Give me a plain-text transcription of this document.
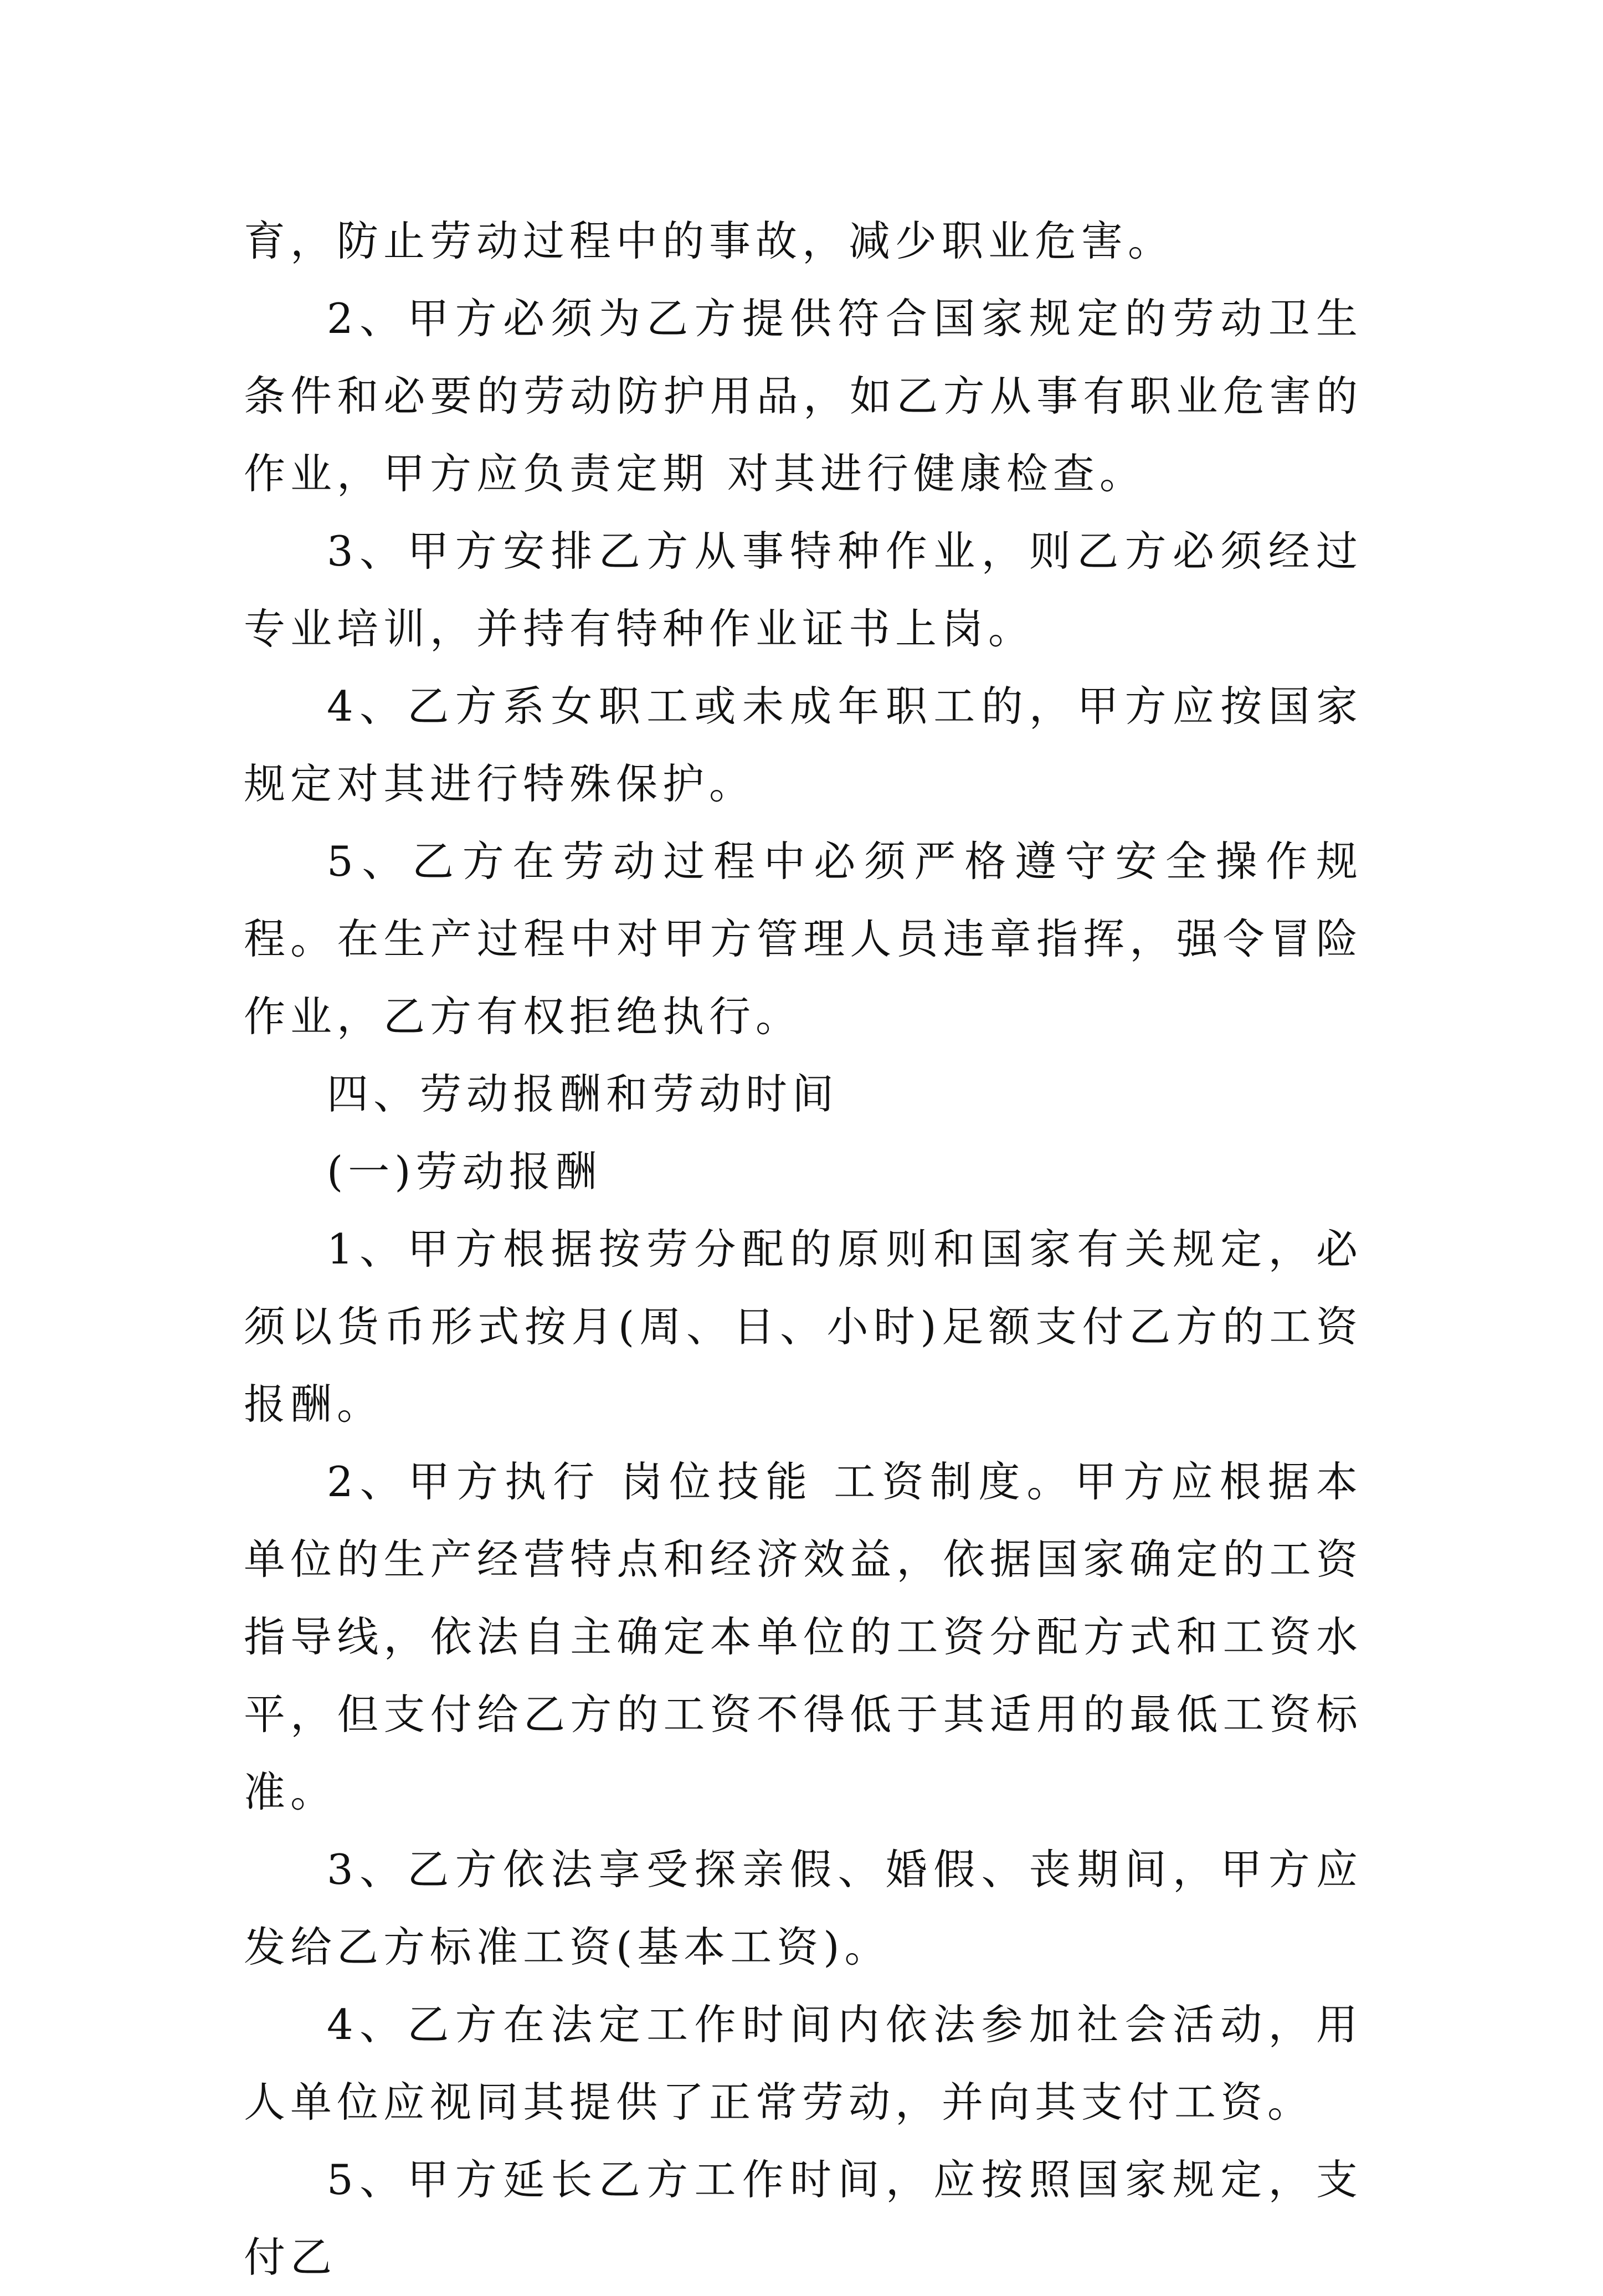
育，防止劳动过程中的事故，减少职业危害。

2、甲方必须为乙方提供符合国家规定的劳动卫生条件和必要的劳动防护用品，如乙方从事有职业危害的作业，甲方应负责定期 对其进行健康检查。

3、甲方安排乙方从事特种作业，则乙方必须经过专业培训，并持有特种作业证书上岗。

4、乙方系女职工或未成年职工的，甲方应按国家规定对其进行特殊保护。

5、乙方在劳动过程中必须严格遵守安全操作规程。在生产过程中对甲方管理人员违章指挥，强令冒险作业，乙方有权拒绝执行。

四、劳动报酬和劳动时间

(一)劳动报酬

1、甲方根据按劳分配的原则和国家有关规定，必须以货币形式按月(周、日、小时)足额支付乙方的工资报酬。

2、甲方执行 岗位技能 工资制度。甲方应根据本单位的生产经营特点和经济效益，依据国家确定的工资指导线，依法自主确定本单位的工资分配方式和工资水平，但支付给乙方的工资不得低于其适用的最低工资标准。

3、乙方依法享受探亲假、婚假、丧期间，甲方应发给乙方标准工资(基本工资)。

4、乙方在法定工作时间内依法参加社会活动，用人单位应视同其提供了正常劳动，并向其支付工资。

5、甲方延长乙方工作时间，应按照国家规定，支付乙
